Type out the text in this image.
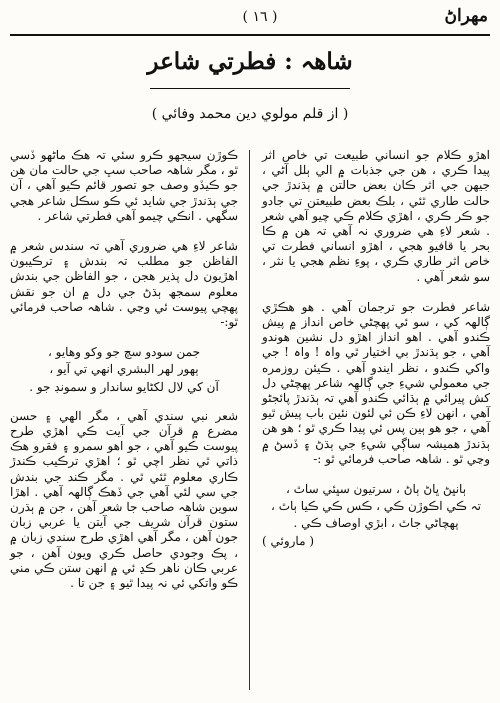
مهراڻ
( ١٦ )
شاهہ : فطرتي شاعر
( از قلم مولوي دين محمد وفائي )

اهڙو ڪلام جو انساني طبيعت تي خاص اثر پيدا ڪري ، هن جي جذبات ۾ الي ٻلل آڻي ، جيهن جي اثر ڪان بعض حالتن ۾ ٻڌندڙ جي حالت طاري ٿئي ، بلڪ بعض طبيعتن تي جادو جو ڪر ڪري ، اهڙي ڪلام ڪي چيو آهي شعر . شعر لاءِ هي ضروري نہ آهي تہ هن ۾ ڪا بحر يا قافيو هجي ، اهڙو انساني فطرت تي خاص اثر طاري ڪري ، پوءِ نظم هجي يا نثر ، سو شعر آهي .

شاعر فطرت جو ترجمان آهي . هو هڪڙي ڳالهہ کي ، سو ئي پهچڻي خاص انداز ۾ پيش ڪندو آهي . اهو انداز اهڙو دل نشين هوندو آهي ، جو ٻڌندڙ بي اختيار ٿي واہ ! واہ ! جي واکي ڪندو ، نظر ايندو آهي . ڪيئن روزمره جي معمولي شيءِ جي ڳالهہ شاعر پهچڻي دل کش پيرائي ۾ ٻڌائي ڪندو آهي تہ ٻڌندڙ پائجڻو آهي ، انهن لاءِ ڪن ئي لئون نئين باب پيش ٿيو آهي ، جو هو ٻين پس ئي پيدا ڪري ٿو ؛ هو هن ٻڌندڙ هميشہ ساڳي شيءِ جي ٻڌڻ ۽ ڏسڻ ۾ وڃي ٿو . شاهہ صاحب فرمائي ٿو :-

ٻانڀڻ ڀاڻ ٻاڻ ، سرتيون سڀئي ساٿ ،

تہ ڪي اڪوڙن ڪي ، ڪس ڪي ڪيا ٻاٿ ،

پهچاڻي جاٿ ، ابڙي اوصاف ڪي .

( ماروئي )

ڪوڙن سيجهو ڪرو سئي تہ هڪ ماڻهو ڏسي ٿو ، مگر شاهہ صاحب سڀ جي حالت مان هن جو ڪيڏو وصف جو تصور قائم ڪيو آهي ، آن جي ٻڌندڙ جي شايد ئي ڪو سڪل شاعر هجي سگهي . انڪي چيمو آهي فطرتي شاعر .

شاعر لاءِ هي ضروري آهي تہ سندس شعر ۾ الفاظن جو مطلب تہ بندش ۽ ترڪيبون اهڙيون دل پذير هجن ، جو الفاظن جي بندش معلوم سمجھ ٻڌڻ جي دل ۾ ان جو نقش پهچي پيوست ئي وڃي . شاهہ صاحب فرمائي ٿو:-

جمن سودو سچ جو وکو وهايو ،

ٻهور لهر البشري انهي تي آيو ،

آن کي لال لکڻايو ساندار و سمونڊ جو .

شعر نبي سندي آهي ، مگر الهي ۽ حسن مضرع ۾ قرآن جي آيت ڪي اهڙي طرح پيوست ڪيو آهي ، جو اهو سمرو ۽ فقرو هڪ ذاتي ٿي نظر اچي ٿو ؛ اهڙي ترڪيب ڪندڙ ڪاري معلوم ٿئي ٿي . مگر ڪند جي بندش جي سي لئي آهي جي ڏهڪ ڳالهہ آهي . اهڙا سوين شاهہ صاحب جا شعر آهن ، جن ۾ ٻڌرن ستون قرآن شريف جي آيتن يا عربي زبان جون آهن ، مگر آهي اهڙي طرح سندي زبان ۾ ، پڪ وجودي حاصل ڪري ويون آهن ، جو عربي ڪان ناهر ڪڍ ئي ۾ انهن ستن ڪي مني ڪو واتکي ئي نہ پيدا ٿيو ۽ جن تا .
